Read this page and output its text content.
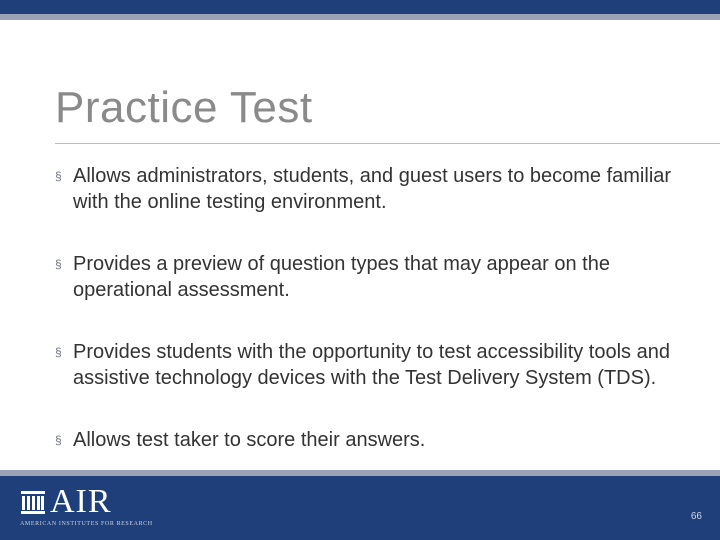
Practice Test
§ Allows administrators, students, and guest users to become familiar with the online testing environment.
§ Provides a preview of question types that may appear on the operational assessment.
§ Provides students with the opportunity to test accessibility tools and assistive technology devices with the Test Delivery System (TDS).
§ Allows test taker to score their answers.
AIR
AMERICAN INSTITUTES FOR RESEARCH
66
